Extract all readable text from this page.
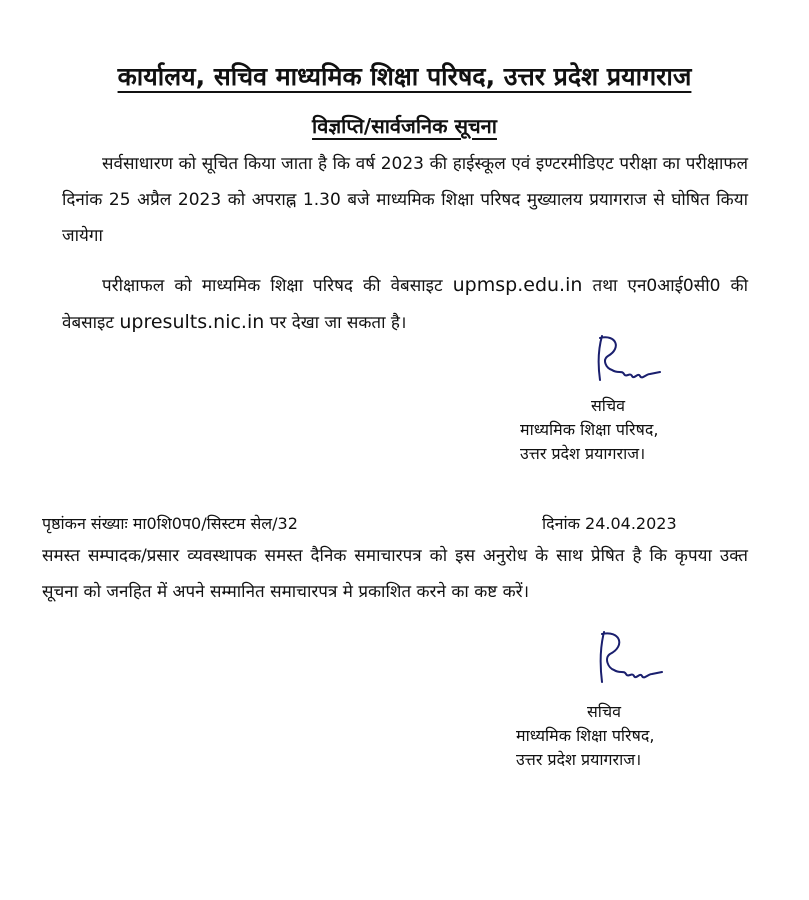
कार्यालय, सचिव माध्यमिक शिक्षा परिषद, उत्तर प्रदेश प्रयागराज
विज्ञप्ति/सार्वजनिक सूचना

सर्वसाधारण को सूचित किया जाता है कि वर्ष 2023 की हाईस्कूल एवं इण्टरमीडिएट परीक्षा का परीक्षाफल दिनांक 25 अप्रैल 2023 को अपराह्न 1.30 बजे माध्यमिक शिक्षा परिषद मुख्यालय प्रयागराज से घोषित किया जायेगा

परीक्षाफल को माध्यमिक शिक्षा परिषद की वेबसाइट upmsp.edu.in तथा एन0आई0सी0 की वेबसाइट upresults.nic.in पर देखा जा सकता है।

सचिव
माध्यमिक शिक्षा परिषद,
उत्तर प्रदेश प्रयागराज।
पृष्ठांकन संख्याः मा0शि0प0/सिस्टम सेल/32	दिनांक 24.04.2023

समस्त सम्पादक/प्रसार व्यवस्थापक समस्त दैनिक समाचारपत्र को इस अनुरोध के साथ प्रेषित है कि कृपया उक्त सूचना को जनहित में अपने सम्मानित समाचारपत्र मे प्रकाशित करने का कष्ट करें।

सचिव
माध्यमिक शिक्षा परिषद,
उत्तर प्रदेश प्रयागराज।
